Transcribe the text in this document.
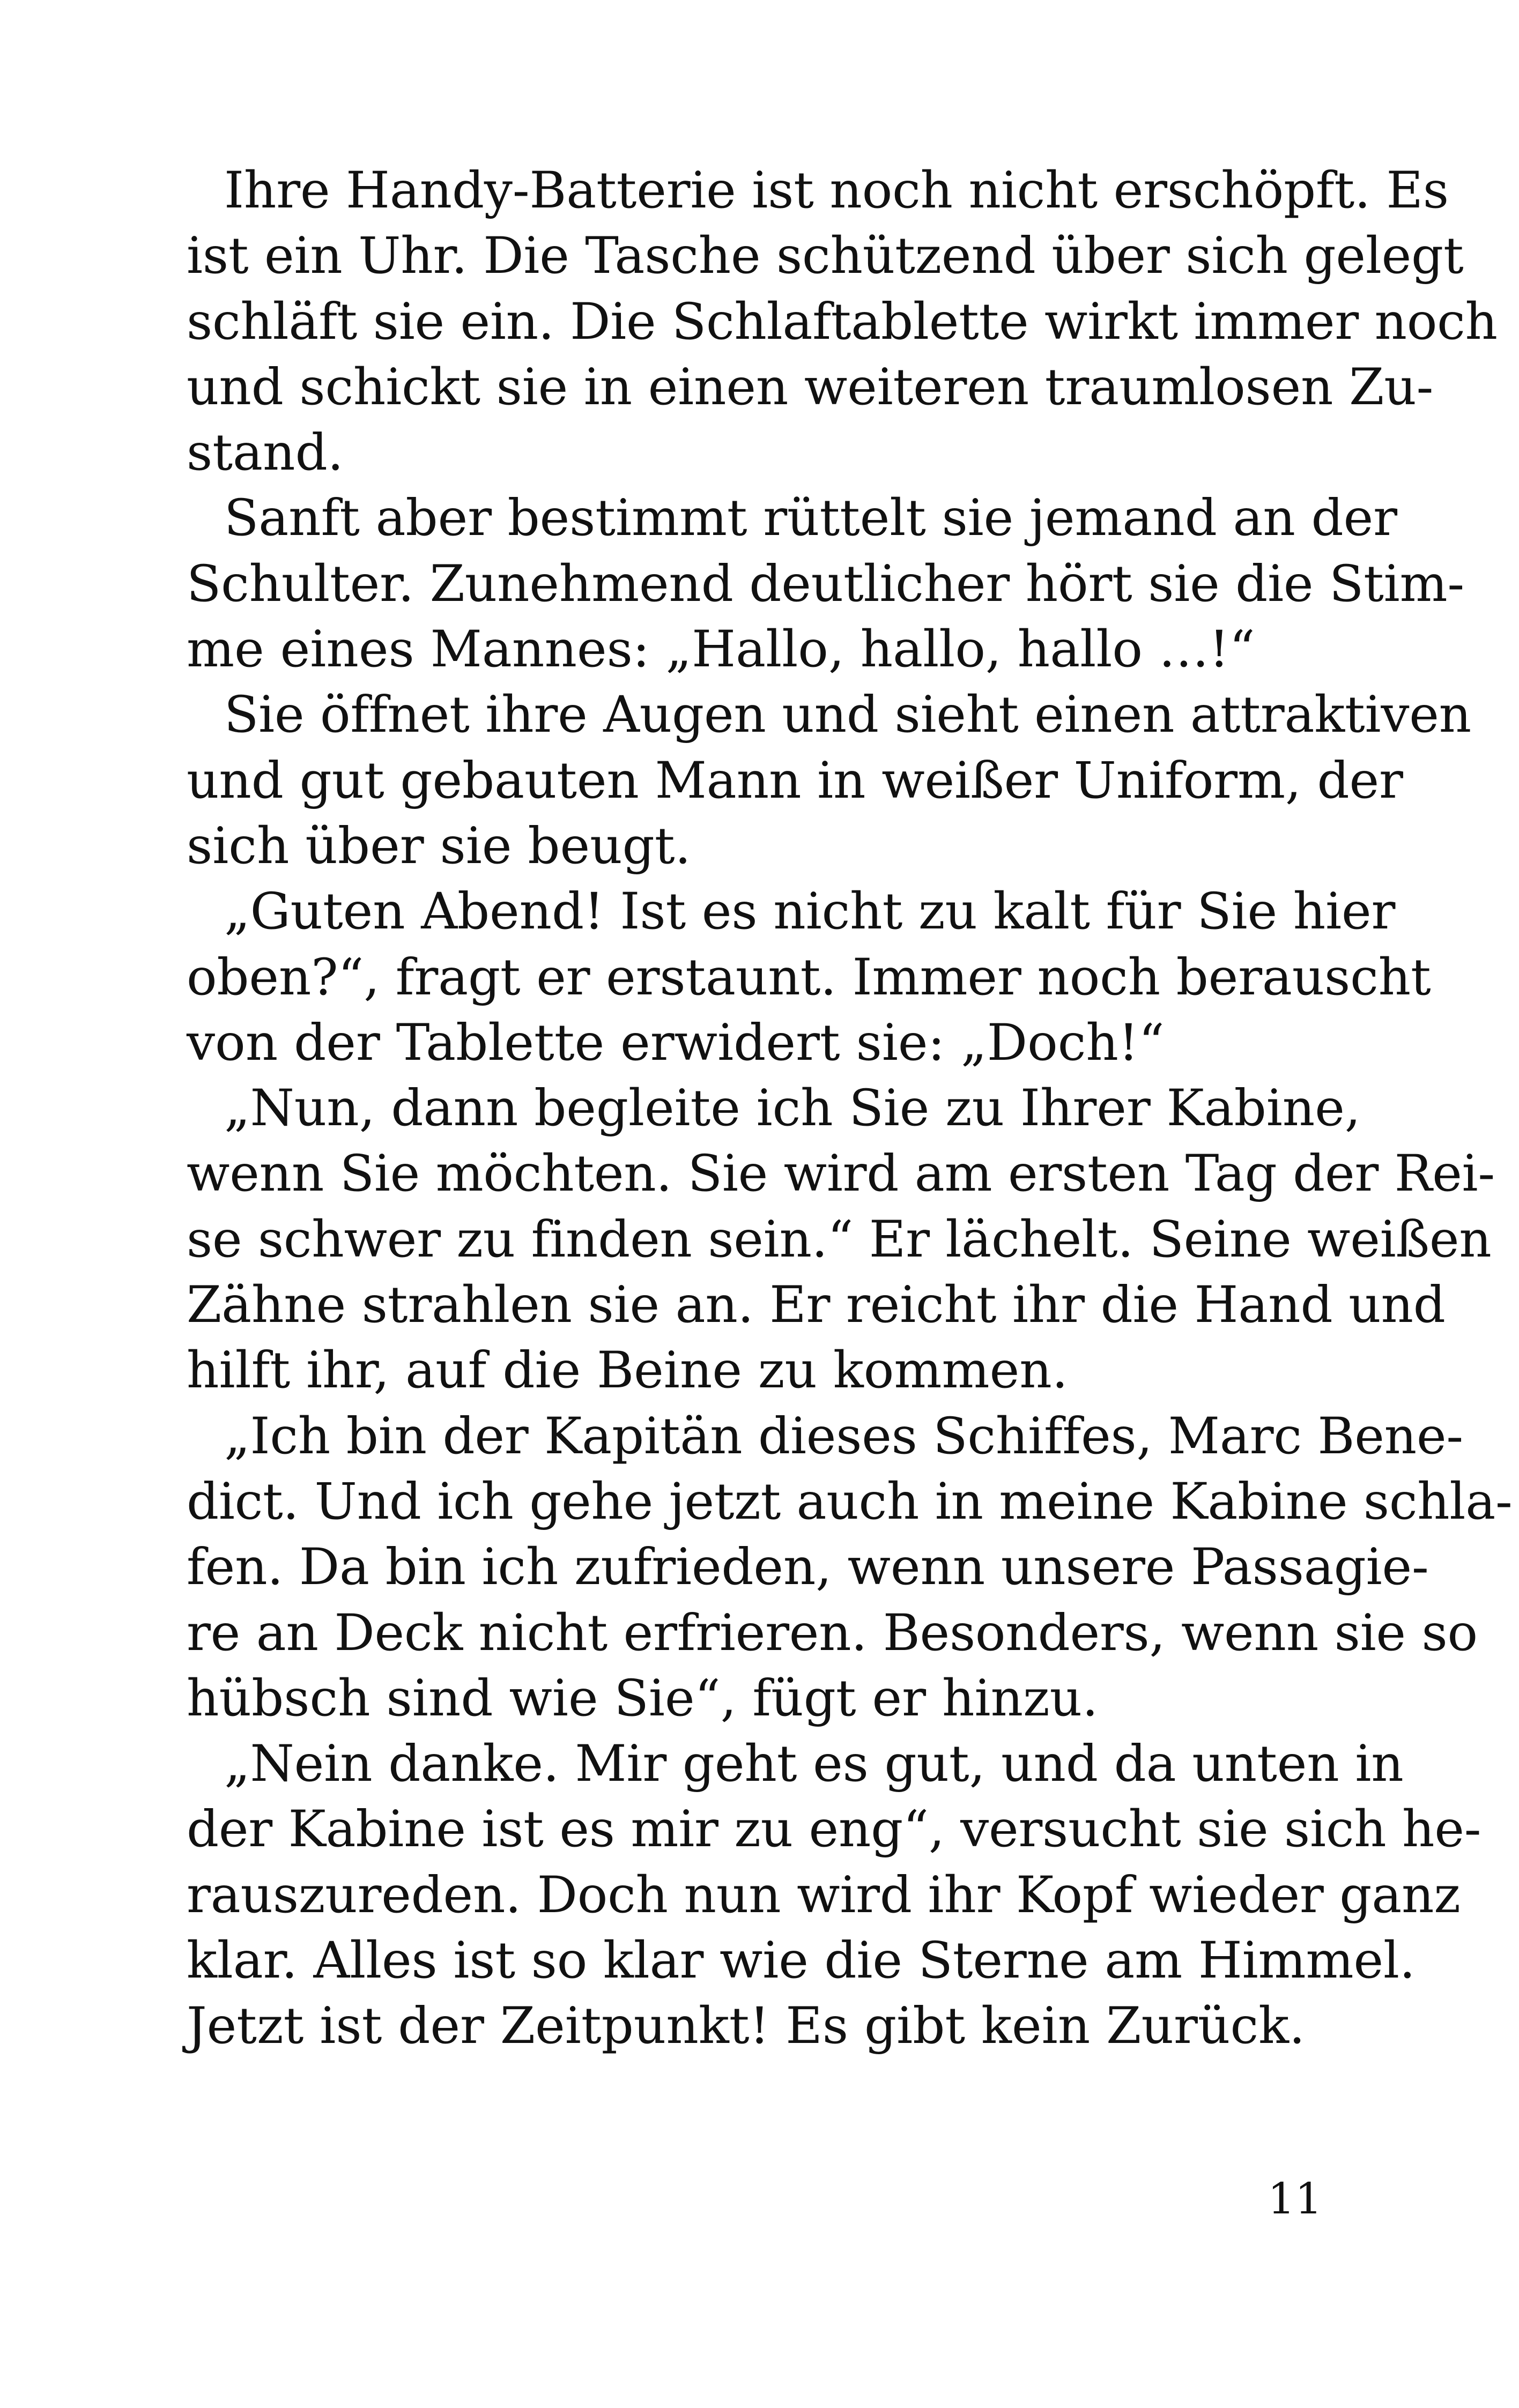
Ihre Handy-Batterie ist noch nicht erschöpft. Es
ist ein Uhr. Die Tasche schützend über sich gelegt
schläft sie ein. Die Schlaftablette wirkt immer noch
und schickt sie in einen weiteren traumlosen Zu-
stand.
Sanft aber bestimmt rüttelt sie jemand an der
Schulter. Zunehmend deutlicher hört sie die Stim-
me eines Mannes: „Hallo, hallo, hallo …!“
Sie öffnet ihre Augen und sieht einen attraktiven
und gut gebauten Mann in weißer Uniform, der
sich über sie beugt.
„Guten Abend! Ist es nicht zu kalt für Sie hier
oben?“, fragt er erstaunt. Immer noch berauscht
von der Tablette erwidert sie: „Doch!“
„Nun, dann begleite ich Sie zu Ihrer Kabine,
wenn Sie möchten. Sie wird am ersten Tag der Rei-
se schwer zu finden sein.“ Er lächelt. Seine weißen
Zähne strahlen sie an. Er reicht ihr die Hand und
hilft ihr, auf die Beine zu kommen.
„Ich bin der Kapitän dieses Schiffes, Marc Bene-
dict. Und ich gehe jetzt auch in meine Kabine schla-
fen. Da bin ich zufrieden, wenn unsere Passagie-
re an Deck nicht erfrieren. Besonders, wenn sie so
hübsch sind wie Sie“, fügt er hinzu.
„Nein danke. Mir geht es gut, und da unten in
der Kabine ist es mir zu eng“, versucht sie sich he-
rauszureden. Doch nun wird ihr Kopf wieder ganz
klar. Alles ist so klar wie die Sterne am Himmel.
Jetzt ist der Zeitpunkt! Es gibt kein Zurück.
11
